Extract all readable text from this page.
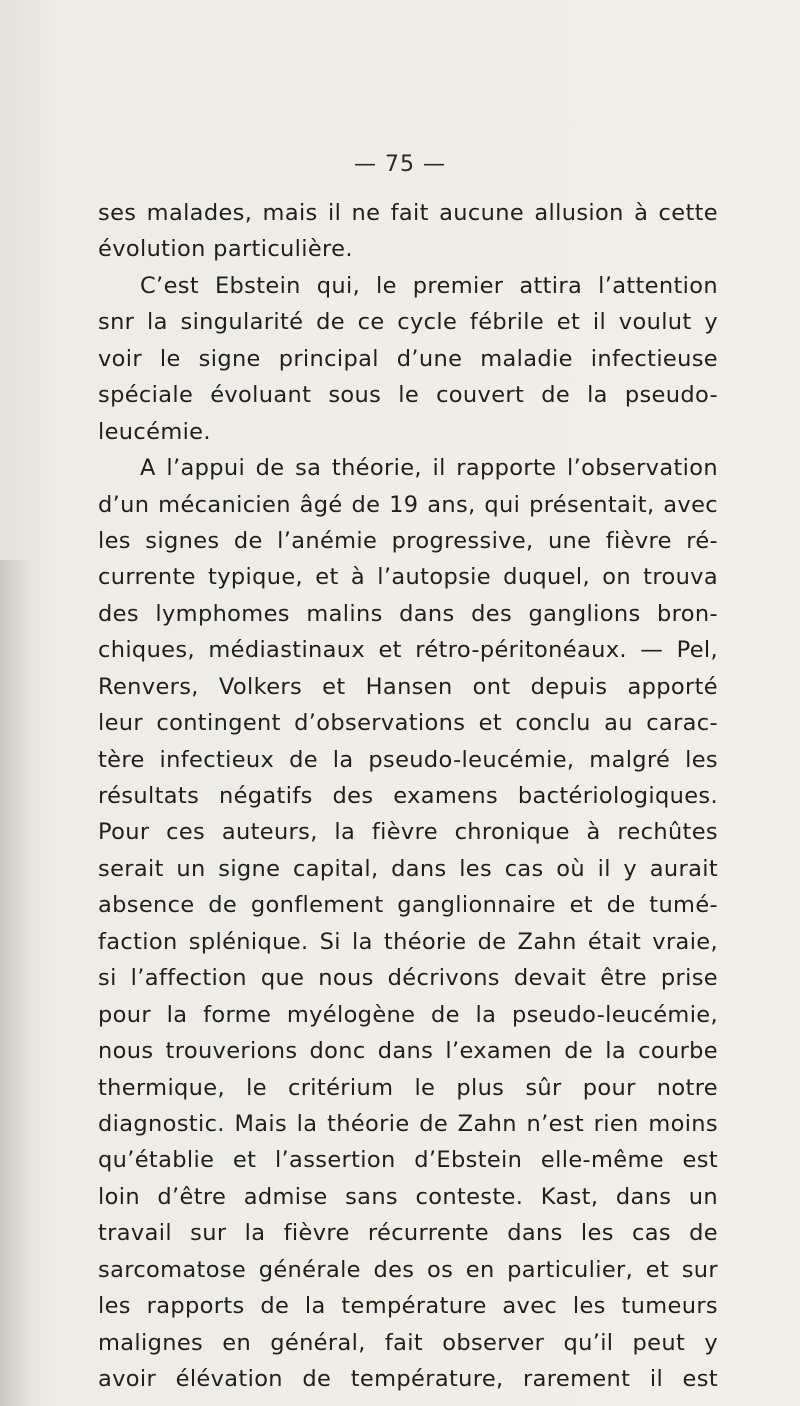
— 75 —
ses malades, mais il ne fait aucune allusion à cette
évolution particulière.
C’est Ebstein qui, le premier attira l’attention
snr la singularité de ce cycle fébrile et il voulut y
voir le signe principal d’une maladie infectieuse
spéciale évoluant sous le couvert de la pseudo-
leucémie.
A l’appui de sa théorie, il rapporte l’observation
d’un mécanicien âgé de 19 ans, qui présentait, avec
les signes de l’anémie progressive, une fièvre ré-
currente typique, et à l’autopsie duquel, on trouva
des lymphomes malins dans des ganglions bron-
chiques, médiastinaux et rétro-péritonéaux. — Pel,
Renvers, Volkers et Hansen ont depuis apporté
leur contingent d’observations et conclu au carac-
tère infectieux de la pseudo-leucémie, malgré les
résultats négatifs des examens bactériologiques.
Pour ces auteurs, la fièvre chronique à rechûtes
serait un signe capital, dans les cas où il y aurait
absence de gonflement ganglionnaire et de tumé-
faction splénique. Si la théorie de Zahn était vraie,
si l’affection que nous décrivons devait être prise
pour la forme myélogène de la pseudo-leucémie,
nous trouverions donc dans l’examen de la courbe
thermique, le critérium le plus sûr pour notre
diagnostic. Mais la théorie de Zahn n’est rien moins
qu’établie et l’assertion d’Ebstein elle-même est
loin d’être admise sans conteste. Kast, dans un
travail sur la fièvre récurrente dans les cas de
sarcomatose générale des os en particulier, et sur
les rapports de la température avec les tumeurs
malignes en général, fait observer qu’il peut y
avoir élévation de température, rarement il est
